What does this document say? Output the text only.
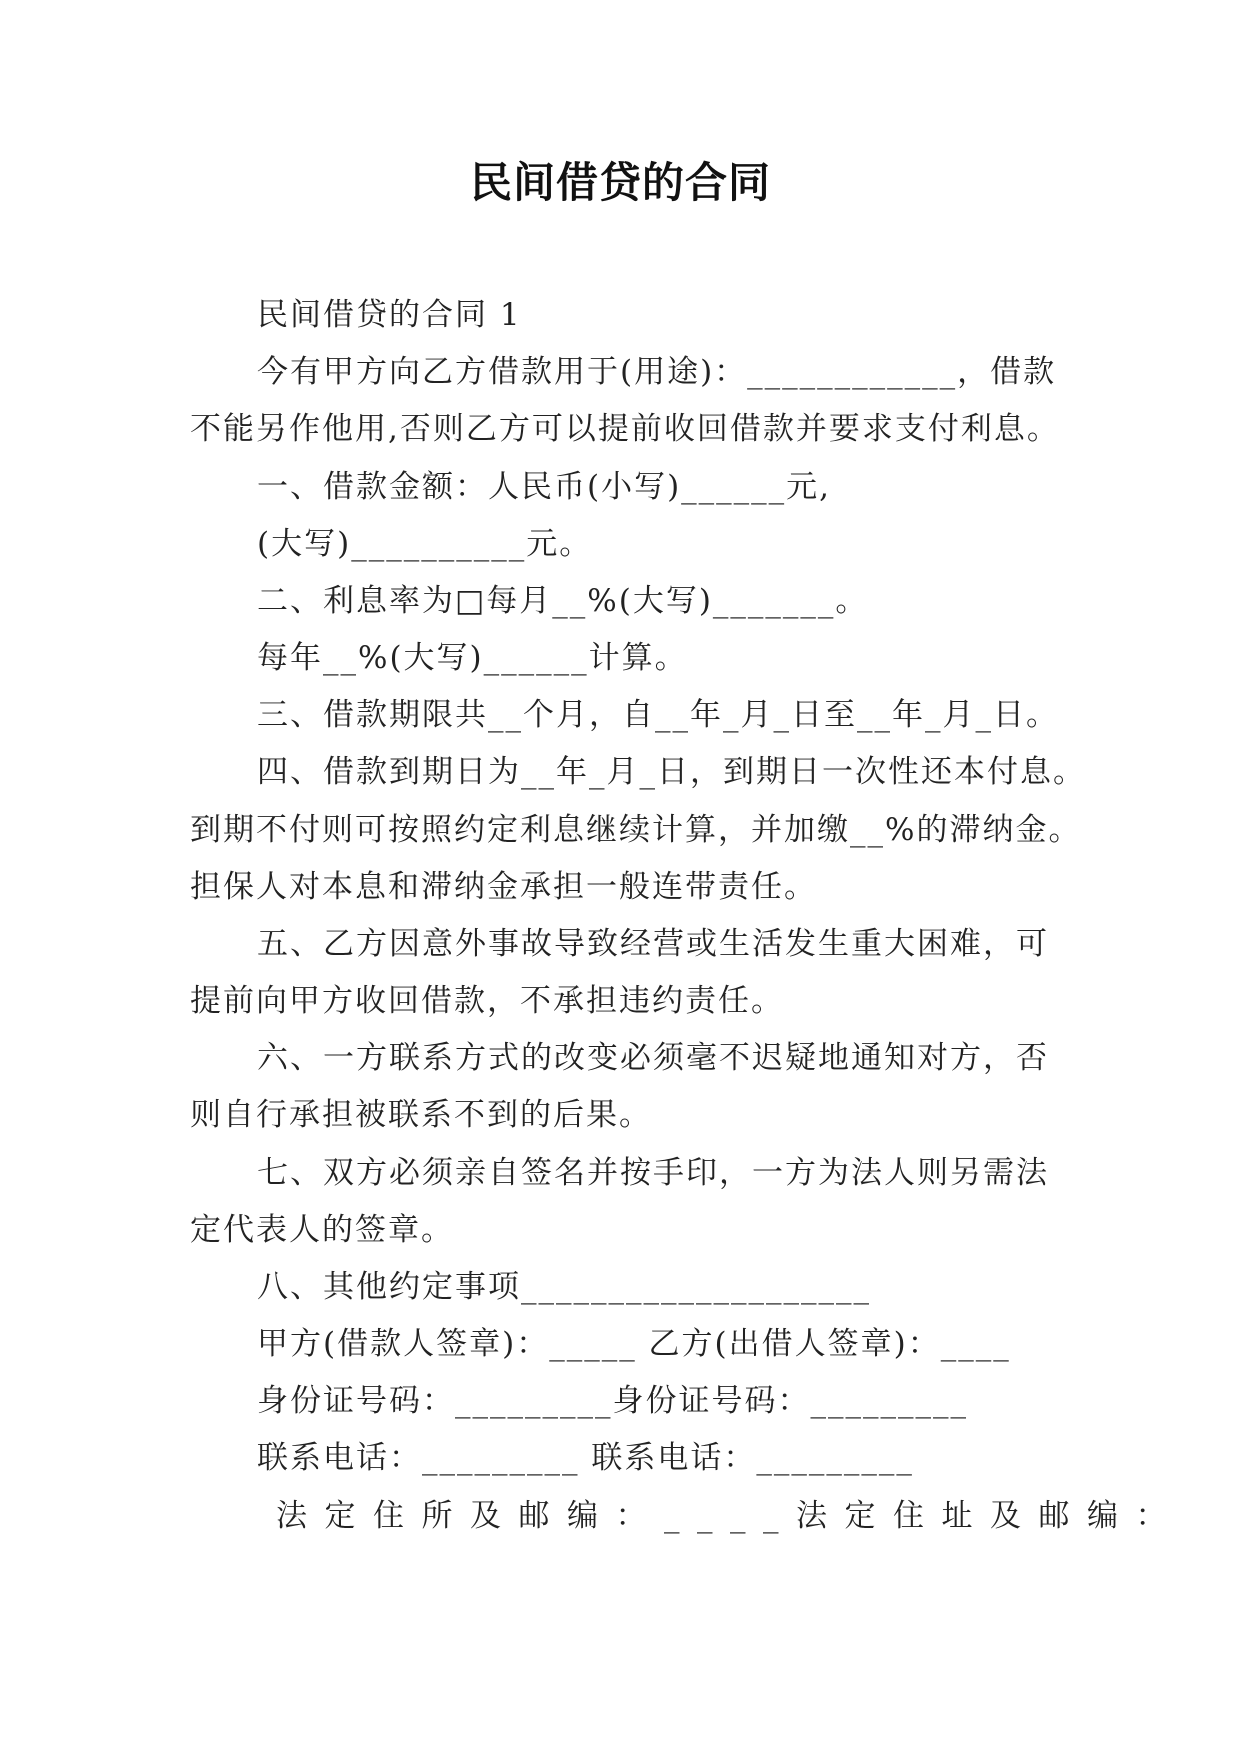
民间借贷的合同
民间借贷的合同 1
今有甲方向乙方借款用于(用途)：____________，借款
不能另作他用,否则乙方可以提前收回借款并要求支付利息。
一、借款金额：人民币(小写)______元,
(大写)__________元。
二、利息率为□每月__%(大写)_______。
每年__%(大写)______计算。
三、借款期限共__个月，自__年_月_日至__年_月_日。
四、借款到期日为__年_月_日，到期日一次性还本付息。
到期不付则可按照约定利息继续计算，并加缴__%的滞纳金。
担保人对本息和滞纳金承担一般连带责任。
五、乙方因意外事故导致经营或生活发生重大困难，可
提前向甲方收回借款，不承担违约责任。
六、一方联系方式的改变必须毫不迟疑地通知对方，否
则自行承担被联系不到的后果。
七、双方必须亲自签名并按手印，一方为法人则另需法
定代表人的签章。
八、其他约定事项____________________
甲方(借款人签章)：_____ 乙方(出借人签章)：____
身份证号码：_________身份证号码：_________
联系电话：_________ 联系电话：_________
法定住所及邮编：____法定住址及邮编：
